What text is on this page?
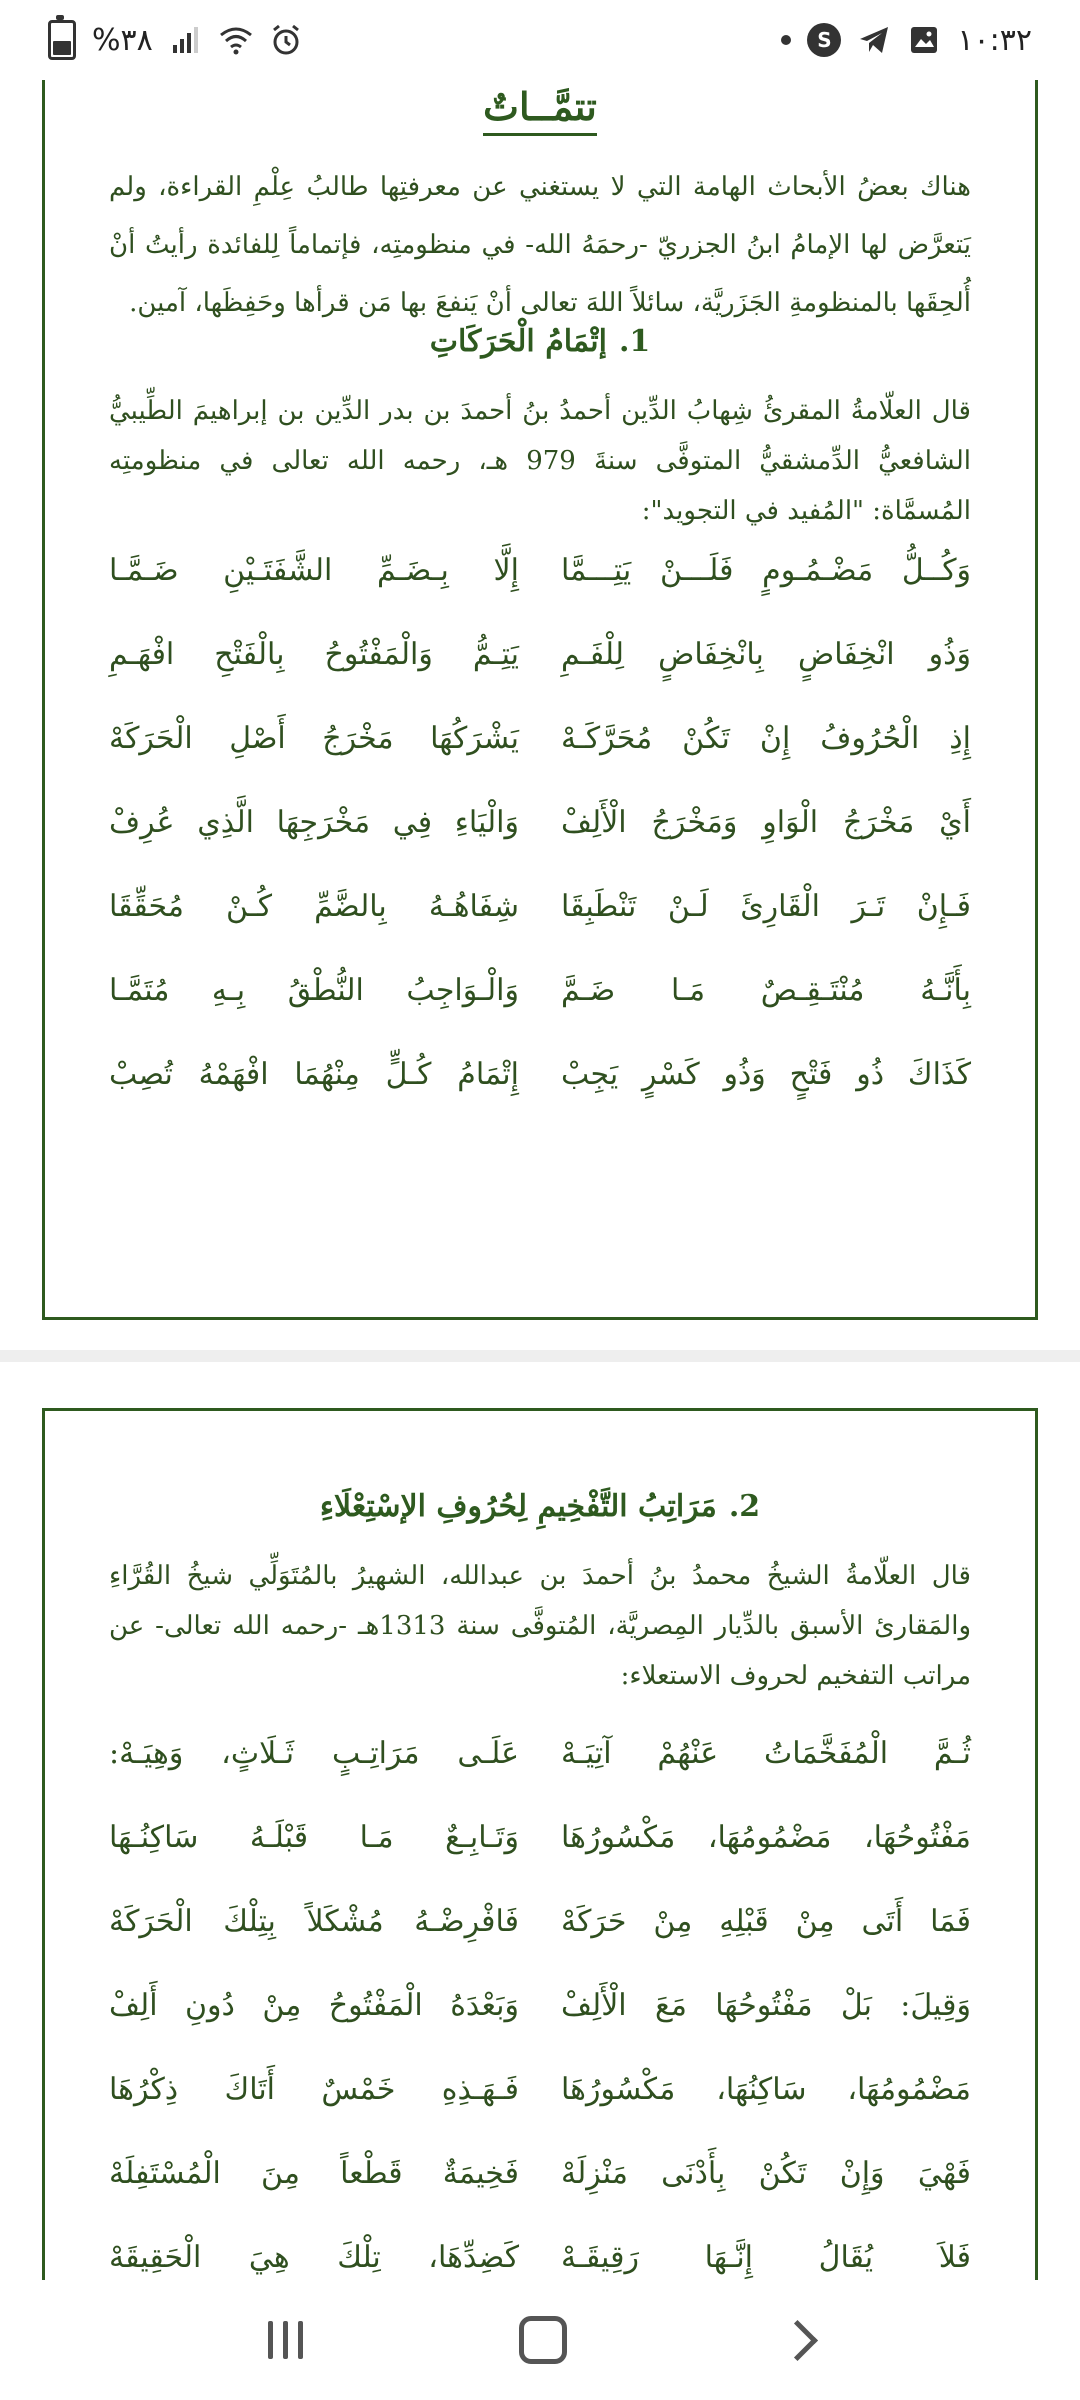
%٣٨	S	١٠:٣٢
تتمَّــاتٌ
هناك بعضُ الأبحاث الهامة التي لا يستغني عن معرفتِها طالبُ عِلْمِ القراءة، ولم يَتعرَّض لها الإمامُ ابنُ الجزريّ -رحمَهُ الله- في منظومتِه، فإتماماً لِلفائدة رأيتُ أنْ أُلحِقَها بالمنظومةِ الجَزَريَّة، سائلاً اللهَ تعالى أنْ يَنفعَ بها مَن قرأها وحَفِظَها، آمين.
1.إتْمَامُ الْحَرَكَاتِ
قال العلّامةُ المقرئُ شِهابُ الدِّين أحمدُ بنُ أحمدَ بن بدر الدِّين بن إبراهيمَ الطِّيبيُّ الشافعيُّ الدِّمشقيُّ المتوفَّى سنةَ 979 هـ، رحمه الله تعالى في منظومتِه المُسمَّاة: "المُفيد في التجويد":
وَكُــلُّ مَضْـمُـومٍ فَلَـــنْ يَتِـــمَّا
إِلَّا بِـضَـمِّ الشَّفَتَـيْنِ ضَـمَّـا
وَذُو انْخِفَاضٍ بِانْخِفَاضٍ لِلْفَـمِ
يَتِـمُّ وَالْمَفْتُوحُ بِالْفَتْحِ افْهَـمِ
إِذِ الْحُرُوفُ إِنْ تَكُنْ مُحَرَّكَـهْ
يَشْرَكُهَا مَخْرَجُ أَصْلِ الْحَرَكَهْ
أَيْ مَخْرَجُ الْوَاوِ وَمَخْرَجُ الْأَلِفْ
وَالْيَاءِ فِي مَخْرَجِهَا الَّذِي عُرِفْ
فَـإِنْ تَـرَ الْقَارِئَ لَـنْ تَنْطَبِقَا
شِفَاهُـهُ بِالضَّمِّ كُـنْ مُحَقِّقَا
بِأَنَّـهُ مُنْتَـقِـصٌ مَـا ضَـمَّ
وَالْـوَاجِبُ النُّطْقُ بِـهِ مُتَمَّـا
كَذَاكَ ذُو فَتْحٍ وَذُو كَسْرٍ يَجِبْ
إِتْمَامُ كُـلٍّ مِنْهُمَا افْهَمْهُ تُصِبْ
2.مَرَاتِبُ التَّفْخِيمِ لِحُرُوفِ الإسْتِعْلَاءِ
قال العلّامةُ الشيخُ محمدُ بنُ أحمدَ بن عبدالله، الشهيرُ بالمُتَوَلِّي شيخُ القُرَّاءِ والمَقارئ الأسبق بالدِّيار المِصريَّة، المُتوفَّى سنة 1313هـ -رحمه الله تعالى- عن مراتب التفخيم لحروف الاستعلاء:
ثُـمَّ الْمُفَخَّمَاتُ عَنْهُمْ آتِيَـهْ
عَلَـى مَرَاتِـبٍ ثَـلَاثٍ، وَهِيَـهْ:
مَفْتُوحُهَا، مَضْمُومُهَا، مَكْسُورُهَا
وَتَـابِـعٌ مَـا قَبْلَـهُ سَاكِنُـهَا
فَمَا أَتَى مِنْ قَبْلِهِ مِنْ حَرَكَهْ
فَافْرِضْـهُ مُشْكَلاً بِتِلْكَ الْحَرَكَهْ
وَقِيلَ: بَلْ مَفْتُوحُهَا مَعَ الْأَلِفْ
وَبَعْدَهُ الْمَفْتُوحُ مِنْ دُونِ أَلِفْ
مَضْمُومُهَا، سَاكِنُهَا، مَكْسُورُهَا
فَـهَـذِهِ خَمْسٌ أَتَاكَ ذِكْرُهَا
فَهْيَ وَإِنْ تَكُنْ بِأَدْنَى مَنْزِلَهْ
فَخِيمَةٌ قَطْعاً مِنَ الْمُسْتَفِلَهْ
فَلاَ يُقَالُ إِنَّـهَا رَقِيقَـهْ
كَضِدِّهَا، تِلْكَ هِيَ الْحَقِيقَهْ
